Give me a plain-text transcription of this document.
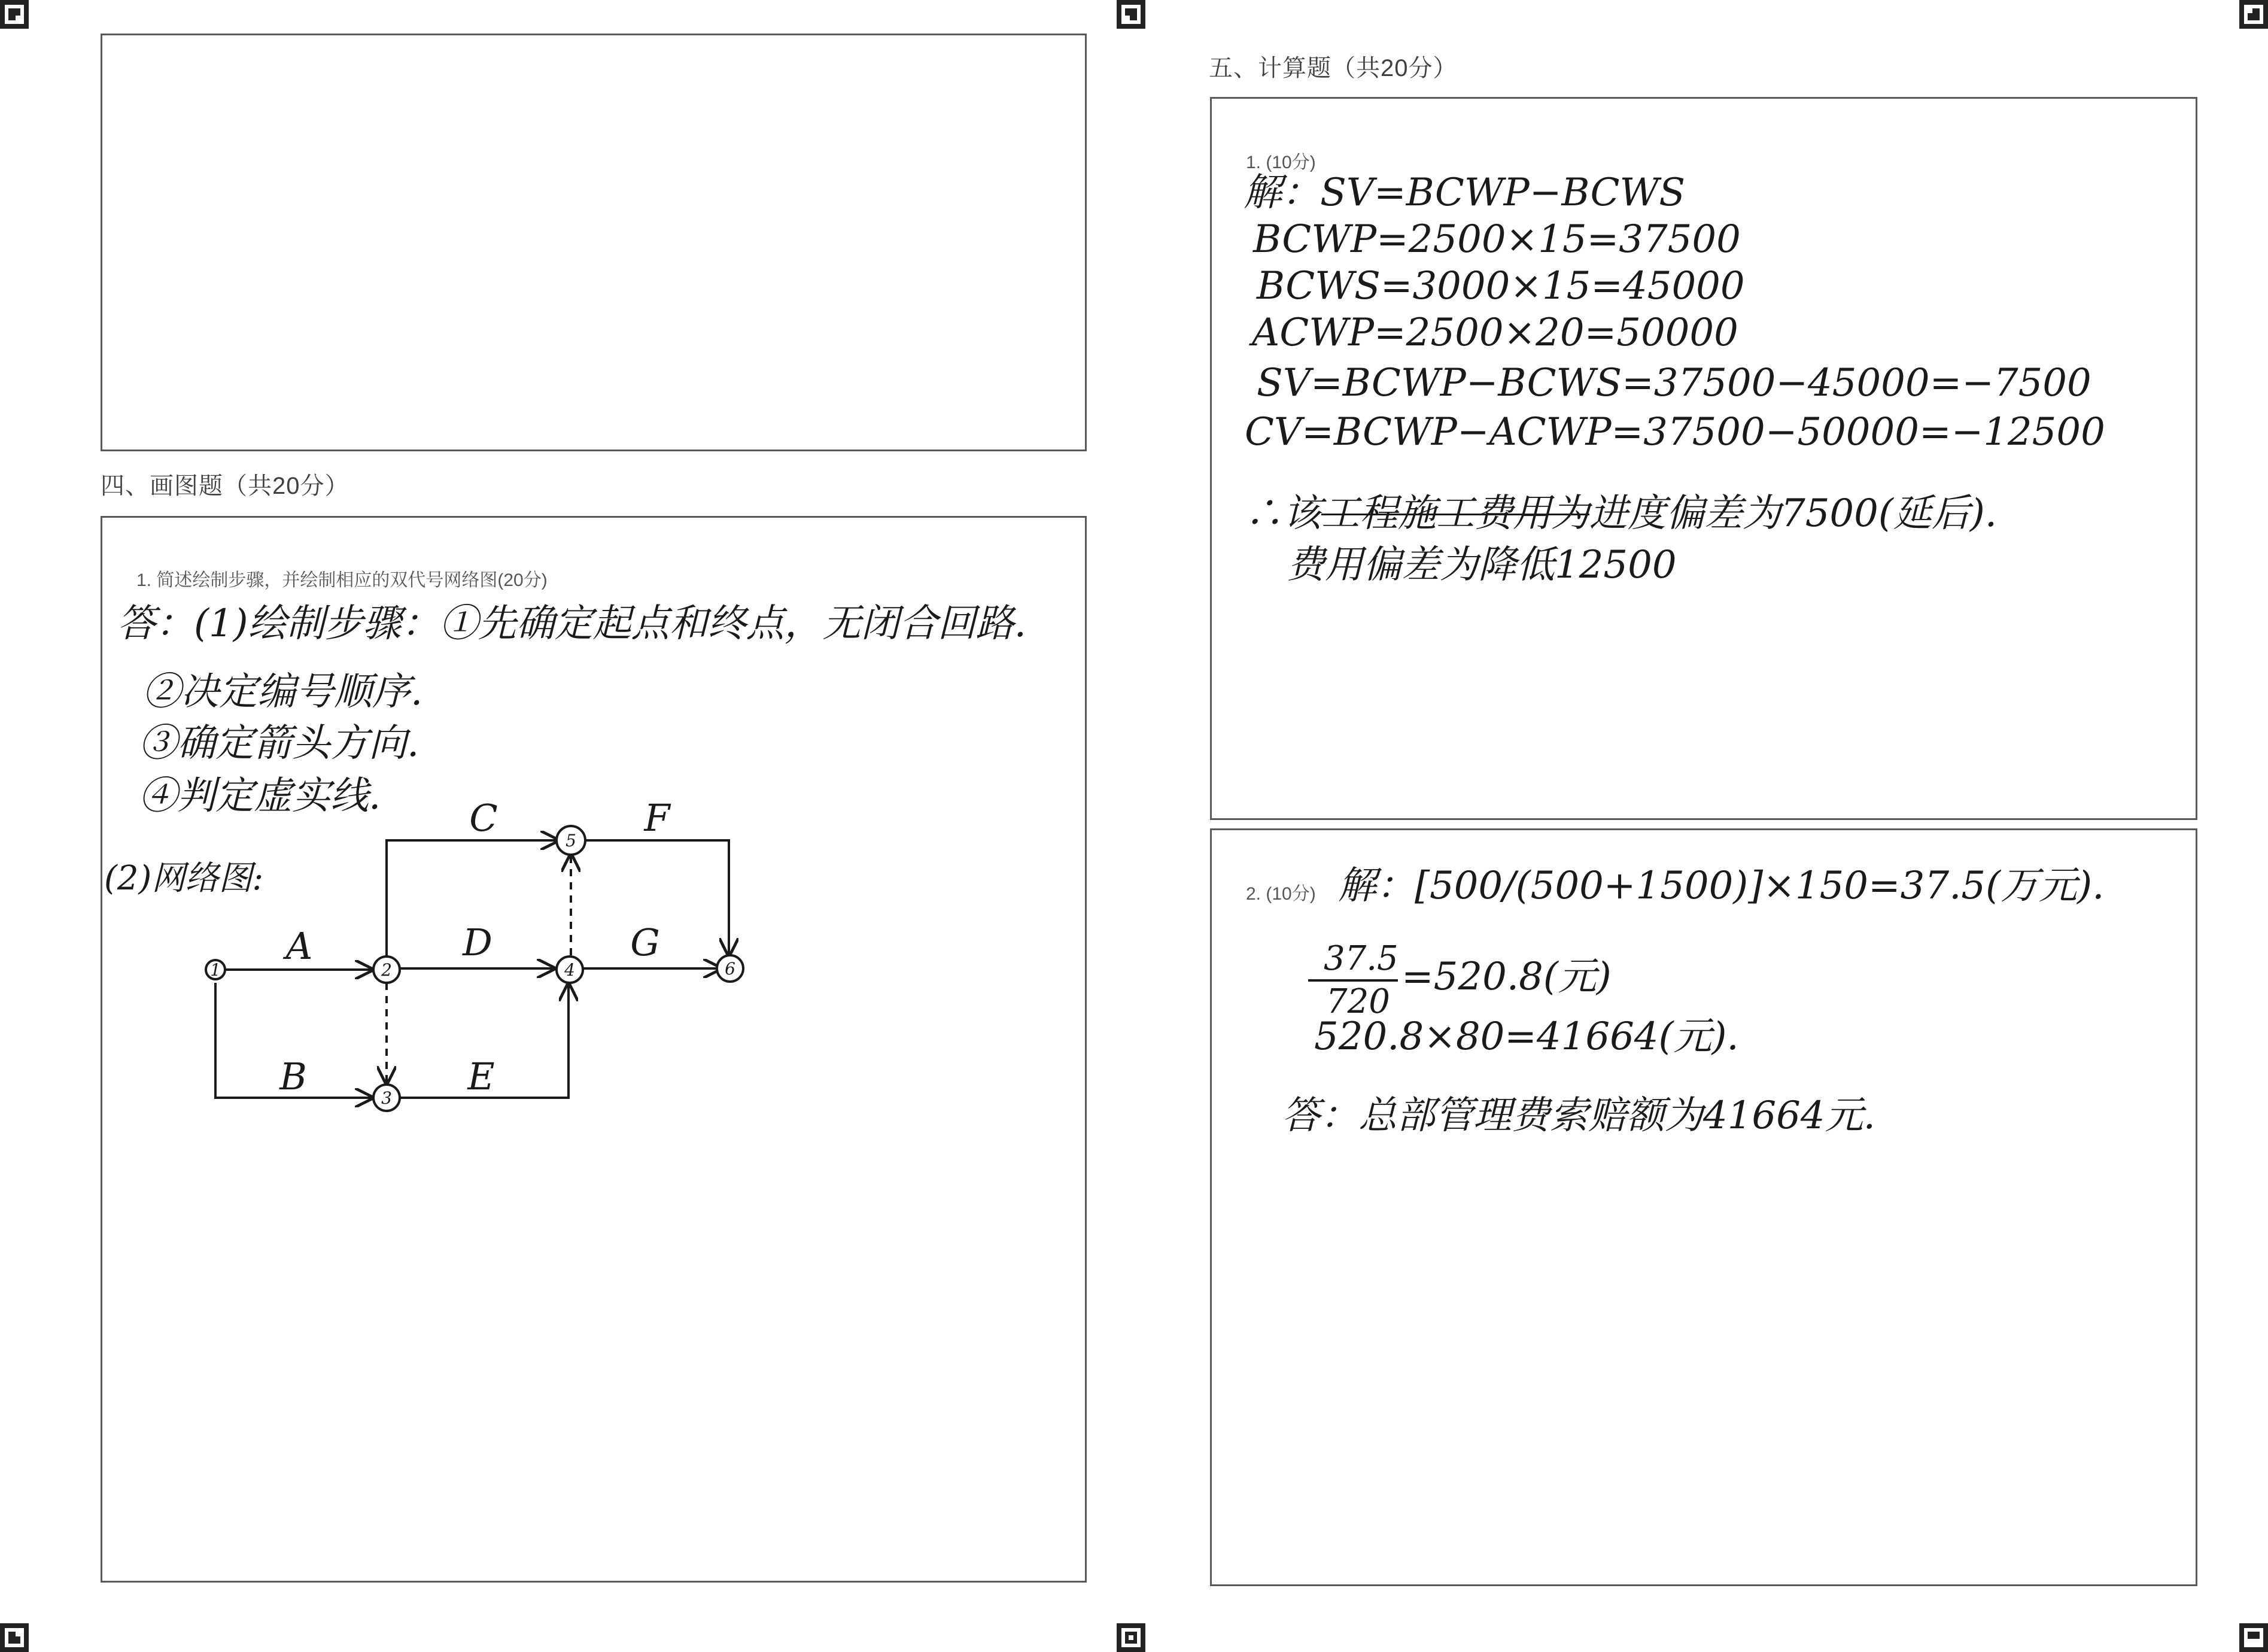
四、画图题（共20分）
1. 简述绘制步骤，并绘制相应的双代号网络图(20分)
答：(1)绘制步骤：①先确定起点和终点，无闭合回路.
②决定编号顺序.
③确定箭头方向.
④判定虚实线.
(2)网络图:
1	2
3
4
5
6
A
B
C
D
E
F
G
五、计算题（共20分）
1. (10分)
解：SV=BCWP−BCWS
BCWP=2500×15=37500
BCWS=3000×15=45000
ACWP=2500×20=50000
SV=BCWP−BCWS=37500−45000=−7500
CV=BCWP−ACWP=37500−50000=−12500
∴该工程施工费用为进度偏差为7500(延后).
费用偏差为降低12500
2. (10分) 解：[500/(500+1500)]×150=37.5(万元).
37.5
720
=520.8(元)
520.8×80=41664(元).
答：总部管理费索赔额为41664元.
